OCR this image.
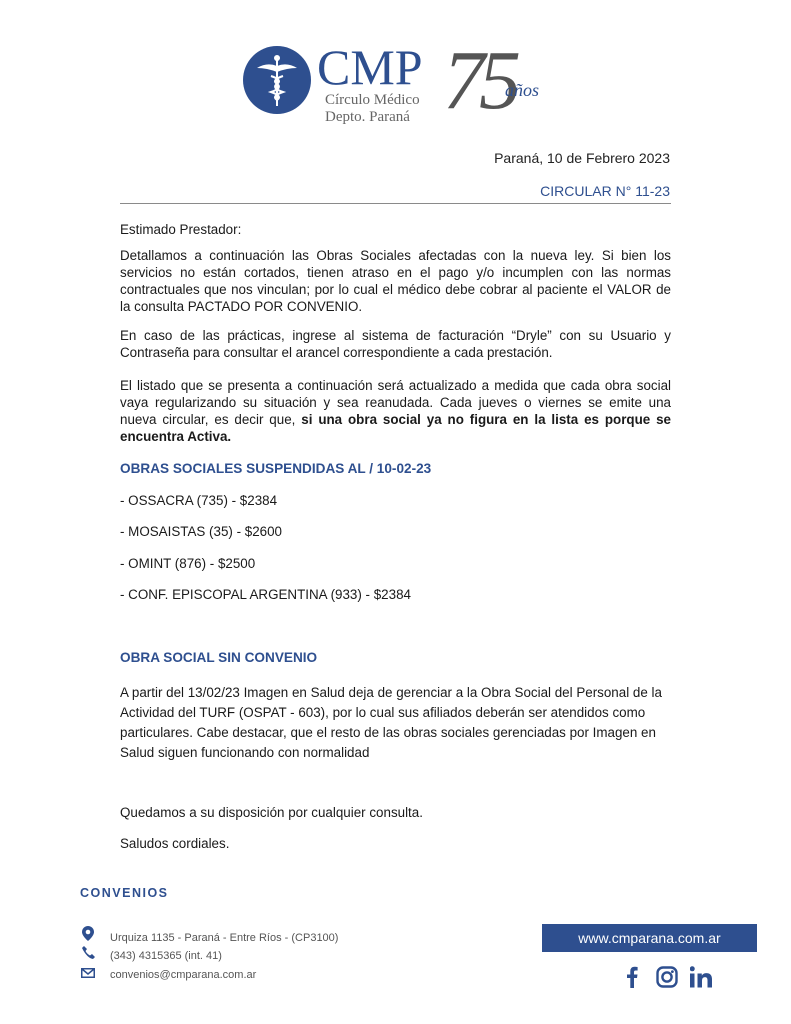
CMP
Círculo Médico
Depto. Paraná 75
años
Paraná, 10 de Febrero 2023
CIRCULAR N° 11-23
Estimado Prestador:
Detallamos a continuación las Obras Sociales afectadas con la nueva ley. Si bien los servicios no están cortados, tienen atraso en el pago y/o incumplen con las normas contractuales que nos vinculan; por lo cual el médico debe cobrar al paciente el VALOR de la consulta PACTADO POR CONVENIO.
En caso de las prácticas, ingrese al sistema de facturación “Dryle” con su Usuario y Contraseña para consultar el arancel correspondiente a cada prestación.
El listado que se presenta a continuación será actualizado a medida que cada obra social vaya regularizando su situación y sea reanudada. Cada jueves o viernes se emite una nueva circular, es decir que, si una obra social ya no figura en la lista es porque se encuentra Activa.
OBRAS SOCIALES SUSPENDIDAS AL / 10-02-23
- OSSACRA (735) - $2384
- MOSAISTAS (35) - $2600
- OMINT (876) - $2500
- CONF. EPISCOPAL ARGENTINA (933) - $2384
OBRA SOCIAL SIN CONVENIO
A partir del 13/02/23 Imagen en Salud deja de gerenciar a la Obra Social del Personal de la Actividad del TURF (OSPAT - 603), por lo cual sus afiliados deberán ser atendidos como particulares. Cabe destacar, que el resto de las obras sociales gerenciadas por Imagen en Salud siguen funcionando con normalidad
Quedamos a su disposición por cualquier consulta.
Saludos cordiales.
CONVENIOS
Urquiza 1135 - Paraná - Entre Ríos - (CP3100)
(343) 4315365 (int. 41)
convenios@cmparana.com.ar
www.cmparana.com.ar
